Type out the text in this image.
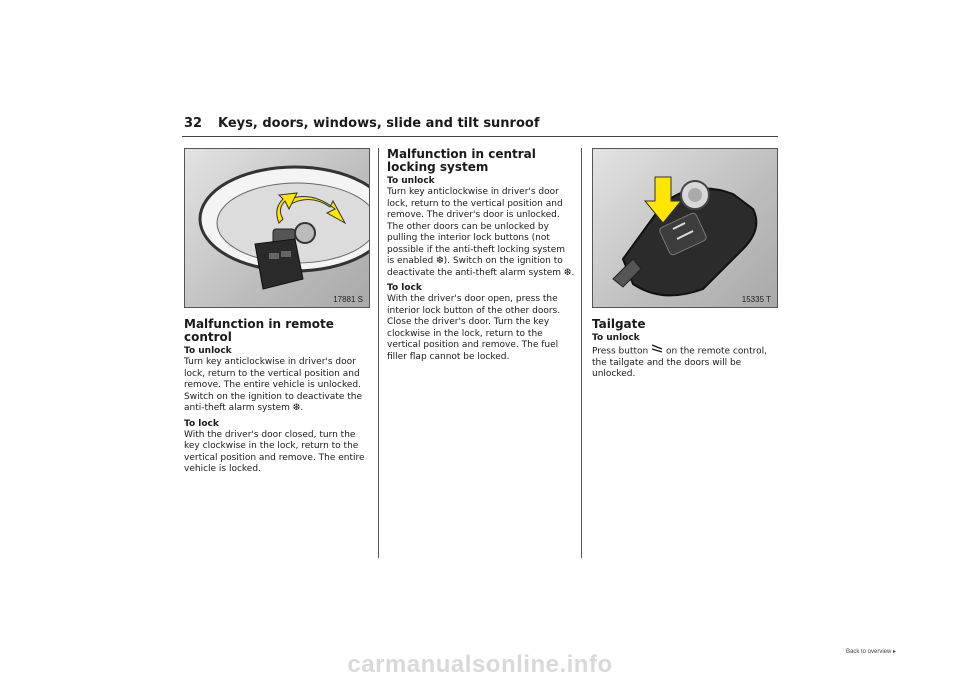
32 Keys, doors, windows, slide and tilt sunroof
17881 S	15335 T
Malfunction in remote control
To unlock

Turn key anticlockwise in driver's door lock, return to the vertical position and remove. The entire vehicle is unlocked. Switch on the ignition to deactivate the anti-theft alarm system ❆.

To lock

With the driver's door closed, turn the key clockwise in the lock, return to the vertical position and remove. The entire vehicle is locked.

Malfunction in central
locking system
To unlock

Turn key anticlockwise in driver's door lock, return to the vertical position and remove. The driver's door is unlocked. The other doors can be unlocked by pulling the interior lock buttons (not possible if the anti-theft locking system is enabled ❆). Switch on the ignition to deactivate the anti-theft alarm system ❆.

To lock

With the driver's door open, press the interior lock button of the other doors. Close the driver's door. Turn the key clockwise in the lock, return to the vertical position and remove. The fuel filler flap cannot be locked.

Tailgate
To unlock

Press button on the remote control, the tailgate and the doors will be unlocked.

Back to overview ▸
carmanualsonline.info
